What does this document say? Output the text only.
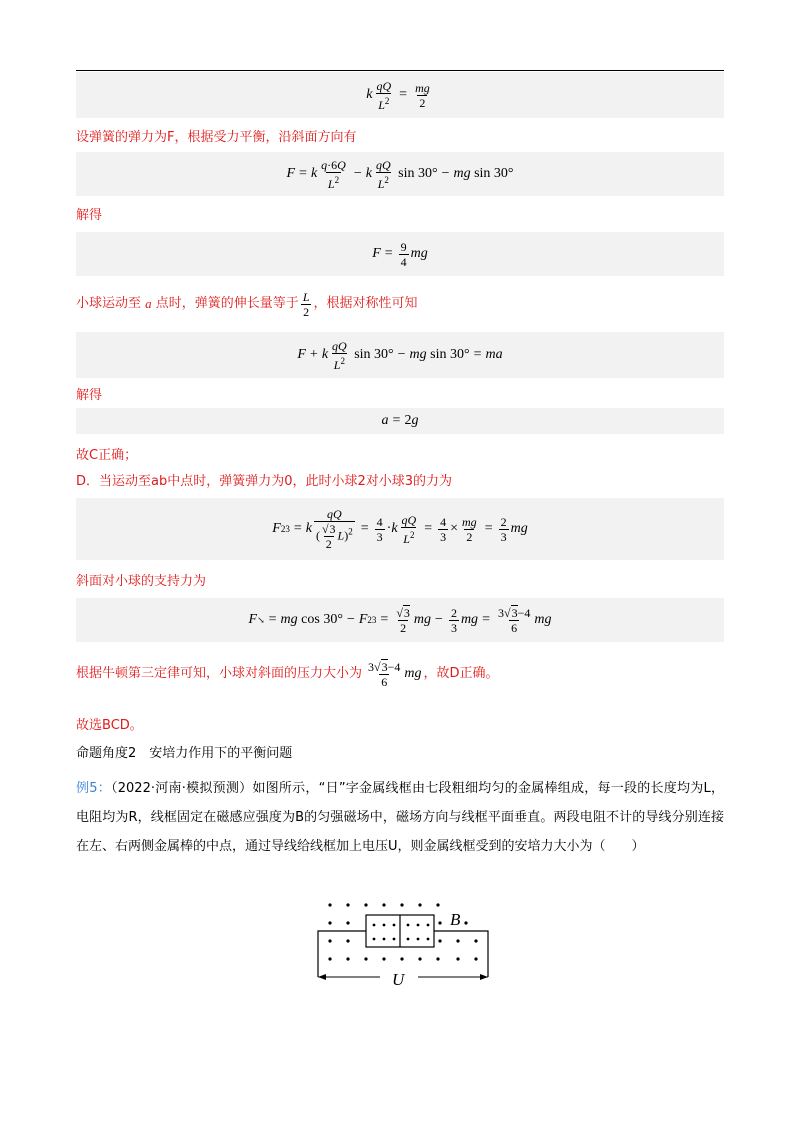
k $\frac{qQ}{L^2} = \frac{mg}{2}$
设弹簧的弹力为F，根据受力平衡，沿斜面方向有
F = k $\frac{q\cdot 6Q}{L^2} - k \frac{qQ}{L^2}$ sin 30° − mg sin 30°
解得
$F = \frac{9}{4}$ mg
小球运动至
a
点时，弹簧的伸长量等于 $\frac{L}{2}$ ，根据对称性可知
F + k $\frac{qQ}{L^2}$ sin 30° − mg sin 30° = ma
解得
a = 2 g
故C正确；
D．当运动至ab中点时，弹簧弹力为0，此时小球2对小球3的力为
F 23 = k $\frac{qQ}{( \frac{√3}{2} L)^2} = \frac{4}{3} \cdot k \frac{qQ}{L^2} = \frac{4}{3} \times \frac{mg}{2} = \frac{2}{3}$ mg
斜面对小球的支持力为
F ↘ = mg cos 30° − F $23 = \frac{√3}{2}$ mg − $\frac{2}{3}$ mg = $\frac{3√3-4}{6}$ mg
根据牛顿第三定律可知，小球对斜面的压力大小为 $\frac{3√3-4}{6}$ mg ，故D正确。
故选BCD。
命题角度2　安培力作用下的平衡问题
例5：（2022·河南·模拟预测）如图所示，“日”字金属线框由七段粗细均匀的金属棒组成，每一段的长度均为L，电阻均为R，线框固定在磁感应强度为B的匀强磁场中，磁场方向与线框平面垂直。两段电阻不计的导线分别连接在左、右两侧金属棒的中点，通过导线给线框加上电压U，则金属线框受到的安培力大小为（　　）
B
U
